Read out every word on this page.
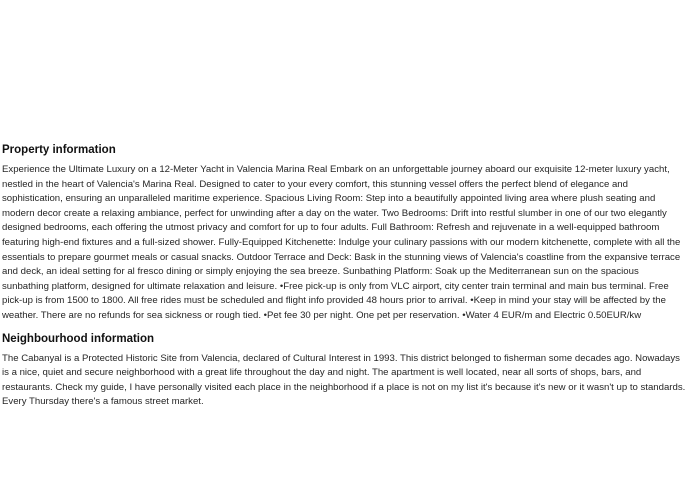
Property information

Experience the Ultimate Luxury on a 12-Meter Yacht in Valencia Marina Real Embark on an unforgettable journey aboard our exquisite 12-meter luxury yacht, nestled in the heart of Valencia's Marina Real. Designed to cater to your every comfort, this stunning vessel offers the perfect blend of elegance and sophistication, ensuring an unparalleled maritime experience. Spacious Living Room: Step into a beautifully appointed living area where plush seating and modern decor create a relaxing ambiance, perfect for unwinding after a day on the water. Two Bedrooms: Drift into restful slumber in one of our two elegantly designed bedrooms, each offering the utmost privacy and comfort for up to four adults. Full Bathroom: Refresh and rejuvenate in a well-equipped bathroom featuring high-end fixtures and a full-sized shower. Fully-Equipped Kitchenette: Indulge your culinary passions with our modern kitchenette, complete with all the essentials to prepare gourmet meals or casual snacks. Outdoor Terrace and Deck: Bask in the stunning views of Valencia's coastline from the expansive terrace and deck, an ideal setting for al fresco dining or simply enjoying the sea breeze. Sunbathing Platform: Soak up the Mediterranean sun on the spacious sunbathing platform, designed for ultimate relaxation and leisure. •Free pick-up is only from VLC airport, city center train terminal and main bus terminal. Free pick-up is from 1500 to 1800. All free rides must be scheduled and flight info provided 48 hours prior to arrival. •Keep in mind your stay will be affected by the weather. There are no refunds for sea sickness or rough tied. •Pet fee 30 per night. One pet per reservation. •Water 4 EUR/m and Electric 0.50EUR/kw

Neighbourhood information

The Cabanyal is a Protected Historic Site from Valencia, declared of Cultural Interest in 1993. This district belonged to fisherman some decades ago. Nowadays is a nice, quiet and secure neighborhood with a great life throughout the day and night. The apartment is well located, near all sorts of shops, bars, and restaurants. Check my guide, I have personally visited each place in the neighborhood if a place is not on my list it's because it's new or it wasn't up to standards. Every Thursday there's a famous street market.
